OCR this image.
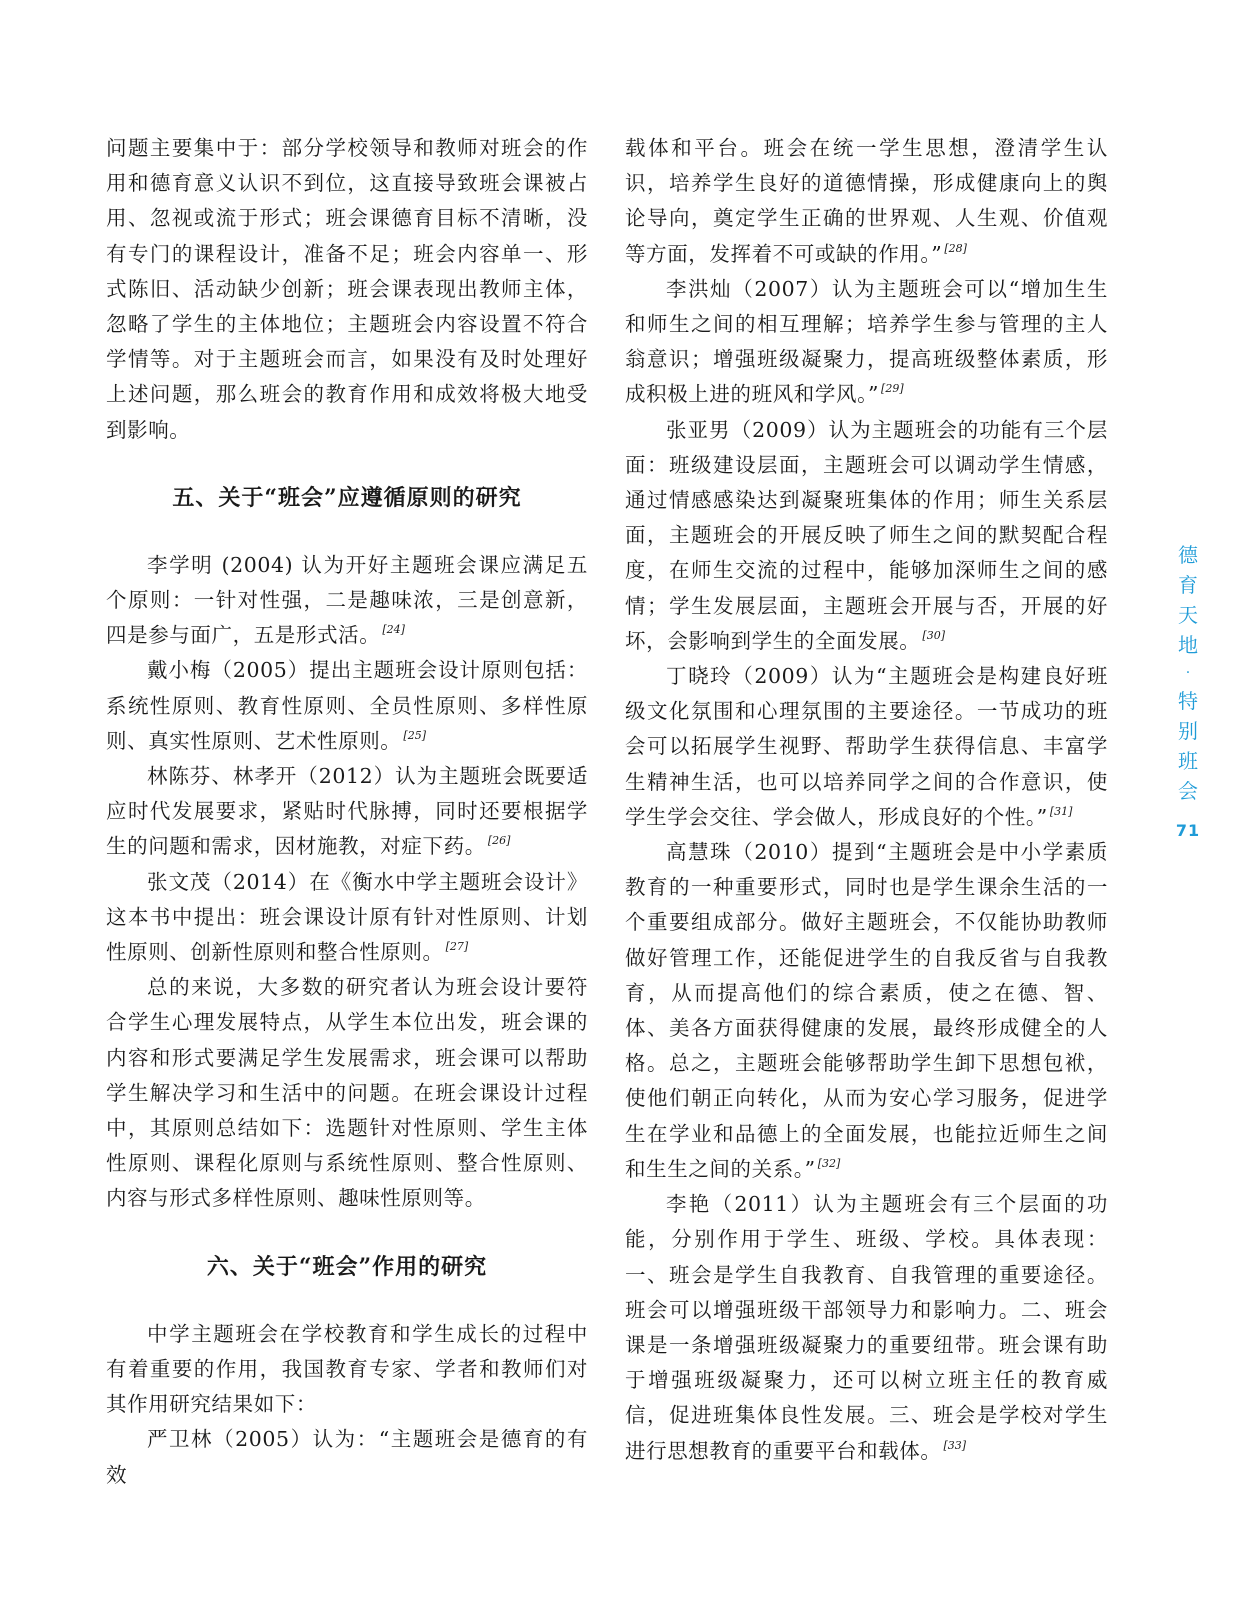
问题主要集中于：部分学校领导和教师对班会的作用和德育意义认识不到位，这直接导致班会课被占用、忽视或流于形式；班会课德育目标不清晰，没有专门的课程设计，准备不足；班会内容单一、形式陈旧、活动缺少创新；班会课表现出教师主体，忽略了学生的主体地位；主题班会内容设置不符合学情等。对于主题班会而言，如果没有及时处理好上述问题，那么班会的教育作用和成效将极大地受到影响。

五、关于“班会”应遵循原则的研究

李学明 (2004) 认为开好主题班会课应满足五个原则：一针对性强，二是趣味浓，三是创意新，四是参与面广，五是形式活。 [24]

戴小梅（2005）提出主题班会设计原则包括：系统性原则、教育性原则、全员性原则、多样性原则、真实性原则、艺术性原则。 [25]

林陈芬、林孝开（2012）认为主题班会既要适应时代发展要求，紧贴时代脉搏，同时还要根据学生的问题和需求，因材施教，对症下药。 [26]

张文茂（2014）在《衡水中学主题班会设计》这本书中提出：班会课设计原有针对性原则、计划性原则、创新性原则和整合性原则。 [27]

总的来说，大多数的研究者认为班会设计要符合学生心理发展特点，从学生本位出发，班会课的内容和形式要满足学生发展需求，班会课可以帮助学生解决学习和生活中的问题。在班会课设计过程中，其原则总结如下：选题针对性原则、学生主体性原则、课程化原则与系统性原则、整合性原则、内容与形式多样性原则、趣味性原则等。

六、关于“班会”作用的研究

中学主题班会在学校教育和学生成长的过程中有着重要的作用，我国教育专家、学者和教师们对其作用研究结果如下：

严卫林（2005）认为：“主题班会是德育的有效

载体和平台。班会在统一学生思想，澄清学生认识，培养学生良好的道德情操，形成健康向上的舆论导向，奠定学生正确的世界观、人生观、价值观等方面，发挥着不可或缺的作用。” [28]

李洪灿（2007）认为主题班会可以“增加生生和师生之间的相互理解；培养学生参与管理的主人翁意识；增强班级凝聚力，提高班级整体素质，形成积极上进的班风和学风。” [29]

张亚男（2009）认为主题班会的功能有三个层面：班级建设层面，主题班会可以调动学生情感，通过情感感染达到凝聚班集体的作用；师生关系层面，主题班会的开展反映了师生之间的默契配合程度，在师生交流的过程中，能够加深师生之间的感情；学生发展层面，主题班会开展与否，开展的好坏，会影响到学生的全面发展。 [30]

丁晓玲（2009）认为“主题班会是构建良好班级文化氛围和心理氛围的主要途径。一节成功的班会可以拓展学生视野、帮助学生获得信息、丰富学生精神生活，也可以培养同学之间的合作意识，使学生学会交往、学会做人，形成良好的个性。” [31]

高慧珠（2010）提到“主题班会是中小学素质教育的一种重要形式，同时也是学生课余生活的一个重要组成部分。做好主题班会，不仅能协助教师做好管理工作，还能促进学生的自我反省与自我教育，从而提高他们的综合素质，使之在德、智、体、美各方面获得健康的发展，最终形成健全的人格。总之，主题班会能够帮助学生卸下思想包袱，使他们朝正向转化，从而为安心学习服务，促进学生在学业和品德上的全面发展，也能拉近师生之间和生生之间的关系。” [32]

李艳（2011）认为主题班会有三个层面的功能，分别作用于学生、班级、学校。具体表现：一、班会是学生自我教育、自我管理的重要途径。班会可以增强班级干部领导力和影响力。二、班会课是一条增强班级凝聚力的重要纽带。班会课有助于增强班级凝聚力，还可以树立班主任的教育威信，促进班集体良性发展。三、班会是学校对学生进行思想教育的重要平台和载体。 [33]

德
育
天
地
·
特
别
班
会
71
